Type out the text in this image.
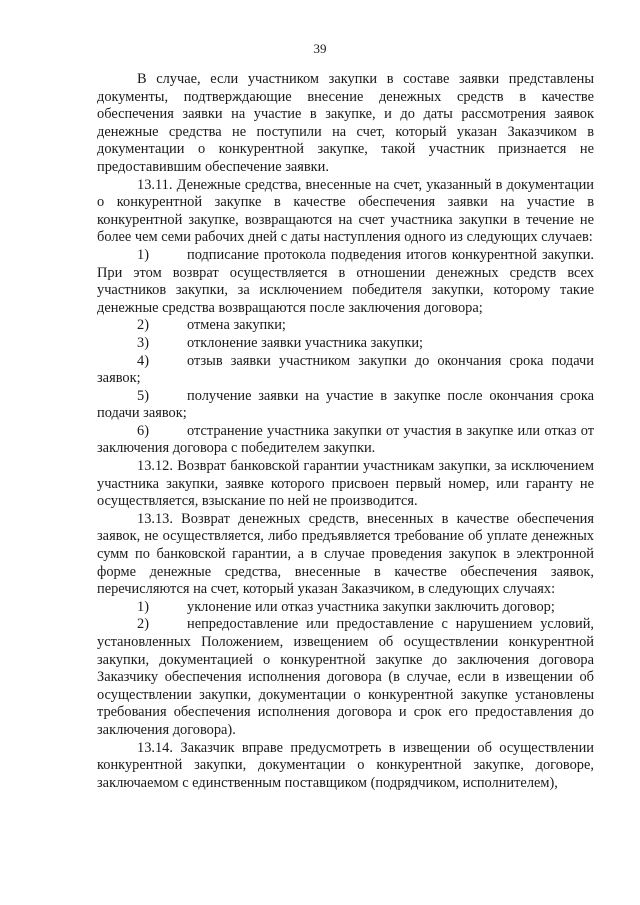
39

В случае, если участником закупки в составе заявки представлены документы, подтверждающие внесение денежных средств в качестве обеспечения заявки на участие в закупке, и до даты рассмотрения заявок денежные средства не поступили на счет, который указан Заказчиком в документации о конкурентной закупке, такой участник признается не предоставившим обеспечение заявки.

13.11. Денежные средства, внесенные на счет, указанный в документации о конкурентной закупке в качестве обеспечения заявки на участие в конкурентной закупке, возвращаются на счет участника закупки в течение не более чем семи рабочих дней с даты наступления одного из следующих случаев:

1)	подписание протокола подведения итогов конкурентной закупки. При этом возврат осуществляется в отношении денежных средств всех участников закупки, за исключением победителя закупки, которому такие денежные средства возвращаются после заключения договора;

2)	отмена закупки;

3)	отклонение заявки участника закупки;

4)	отзыв заявки участником закупки до окончания срока подачи заявок;

5)	получение заявки на участие в закупке после окончания срока подачи заявок;

6)	отстранение участника закупки от участия в закупке или отказ от заключения договора с победителем закупки.

13.12. Возврат банковской гарантии участникам закупки, за исключением участника закупки, заявке которого присвоен первый номер, или гаранту не осуществляется, взыскание по ней не производится.

13.13. Возврат денежных средств, внесенных в качестве обеспечения заявок, не осуществляется, либо предъявляется требование об уплате денежных сумм по банковской гарантии, а в случае проведения закупок в электронной форме денежные средства, внесенные в качестве обеспечения заявок, перечисляются на счет, который указан Заказчиком, в следующих случаях:

1)	уклонение или отказ участника закупки заключить договор;

2)	непредоставление или предоставление с нарушением условий, установленных Положением, извещением об осуществлении конкурентной закупки, документацией о конкурентной закупке до заключения договора Заказчику обеспечения исполнения договора (в случае, если в извещении об осуществлении закупки, документации о конкурентной закупке установлены требования обеспечения исполнения договора и срок его предоставления до заключения договора).

13.14. Заказчик вправе предусмотреть в извещении об осуществлении конкурентной закупки, документации о конкурентной закупке, договоре, заключаемом с единственным поставщиком (подрядчиком, исполнителем),
